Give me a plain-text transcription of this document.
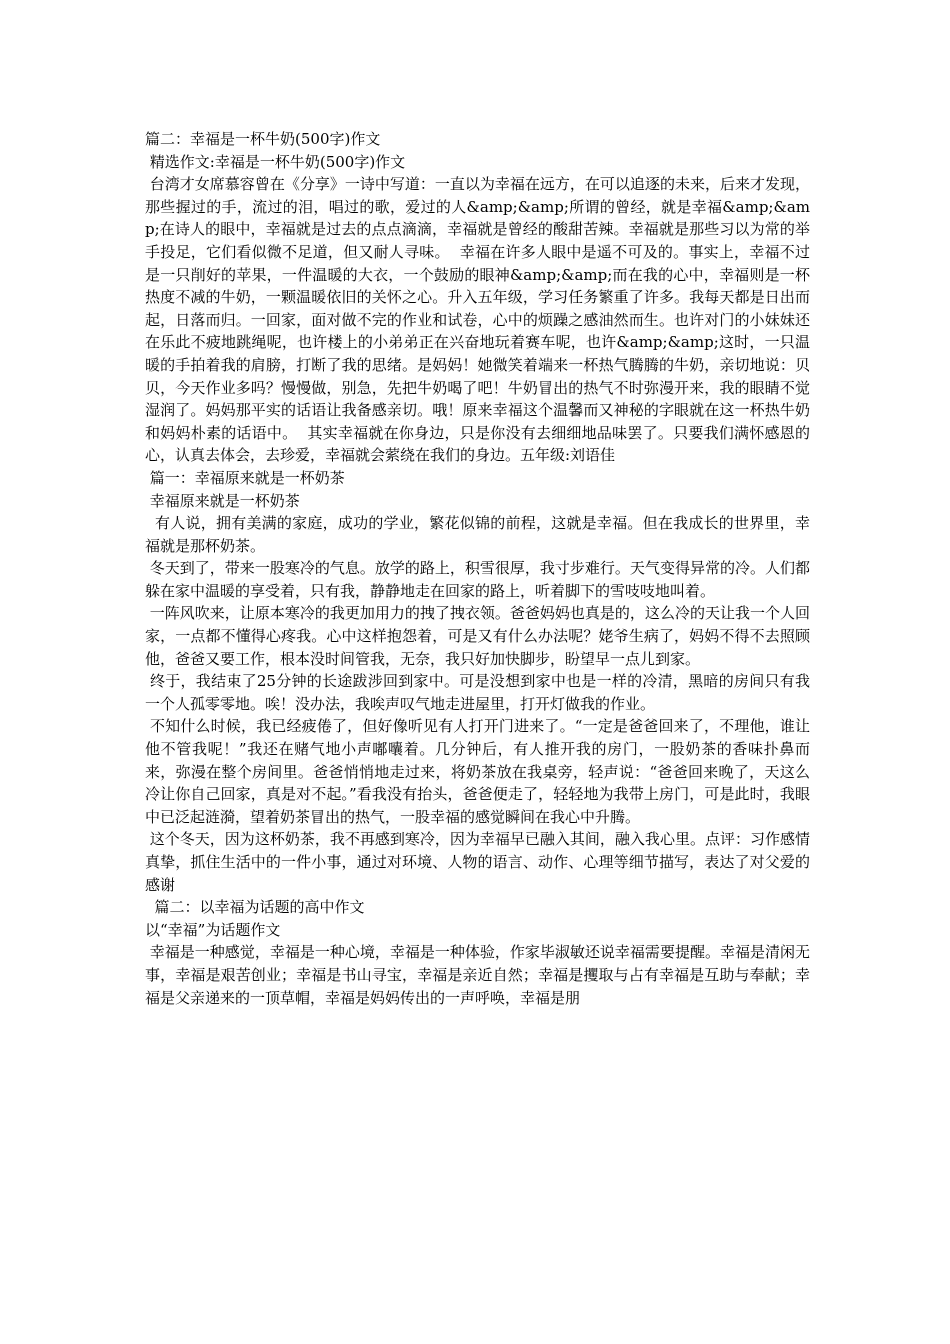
篇二：幸福是一杯牛奶(500字)作文

精选作文:幸福是一杯牛奶(500字)作文

台湾才女席慕容曾在《分享》一诗中写道：一直以为幸福在远方，在可以追逐的未来，后来才发现，那些握过的手，流过的泪，唱过的歌，爱过的人&amp;&amp;所谓的曾经，就是幸福&amp;&amp;在诗人的眼中，幸福就是过去的点点滴滴，幸福就是曾经的酸甜苦辣。幸福就是那些习以为常的举手投足，它们看似微不足道，但又耐人寻味。  幸福在许多人眼中是遥不可及的。事实上，幸福不过是一只削好的苹果，一件温暖的大衣，一个鼓励的眼神&amp;&amp;而在我的心中，幸福则是一杯热度不减的牛奶，一颗温暖依旧的关怀之心。升入五年级，学习任务繁重了许多。我每天都是日出而起，日落而归。一回家，面对做不完的作业和试卷，心中的烦躁之感油然而生。也许对门的小妹妹还在乐此不疲地跳绳呢，也许楼上的小弟弟正在兴奋地玩着赛车呢，也许&amp;&amp;这时，一只温暖的手拍着我的肩膀，打断了我的思绪。是妈妈！她微笑着端来一杯热气腾腾的牛奶，亲切地说：贝贝，今天作业多吗？慢慢做，别急，先把牛奶喝了吧！牛奶冒出的热气不时弥漫开来，我的眼睛不觉湿润了。妈妈那平实的话语让我备感亲切。哦！原来幸福这个温馨而又神秘的字眼就在这一杯热牛奶和妈妈朴素的话语中。  其实幸福就在你身边，只是你没有去细细地品味罢了。只要我们满怀感恩的心，认真去体会，去珍爱，幸福就会萦绕在我们的身边。五年级:刘语佳

篇一：幸福原来就是一杯奶茶

幸福原来就是一杯奶茶

有人说，拥有美满的家庭，成功的学业，繁花似锦的前程，这就是幸福。但在我成长的世界里，幸福就是那杯奶茶。

冬天到了，带来一股寒冷的气息。放学的路上，积雪很厚，我寸步难行。天气变得异常的冷。人们都躲在家中温暖的享受着，只有我，静静地走在回家的路上，听着脚下的雪吱吱地叫着。

一阵风吹来，让原本寒冷的我更加用力的拽了拽衣领。爸爸妈妈也真是的，这么冷的天让我一个人回家，一点都不懂得心疼我。心中这样抱怨着，可是又有什么办法呢？姥爷生病了，妈妈不得不去照顾他，爸爸又要工作，根本没时间管我，无奈，我只好加快脚步，盼望早一点儿到家。

终于，我结束了25分钟的长途跋涉回到家中。可是没想到家中也是一样的冷清，黑暗的房间只有我一个人孤零零地。唉！没办法，我唉声叹气地走进屋里，打开灯做我的作业。

不知什么时候，我已经疲倦了，但好像听见有人打开门进来了。“一定是爸爸回来了，不理他，谁让他不管我呢！”我还在赌气地小声嘟囔着。几分钟后，有人推开我的房门，一股奶茶的香味扑鼻而来，弥漫在整个房间里。爸爸悄悄地走过来，将奶茶放在我桌旁，轻声说：“爸爸回来晚了，天这么冷让你自己回家，真是对不起。”看我没有抬头，爸爸便走了，轻轻地为我带上房门，可是此时，我眼中已泛起涟漪，望着奶茶冒出的热气，一股幸福的感觉瞬间在我心中升腾。

这个冬天，因为这杯奶茶，我不再感到寒冷，因为幸福早已融入其间，融入我心里。点评：习作感情真挚，抓住生活中的一件小事，通过对环境、人物的语言、动作、心理等细节描写，表达了对父爱的感谢

篇二：以幸福为话题的高中作文

以“幸福”为话题作文

幸福是一种感觉，幸福是一种心境，幸福是一种体验，作家毕淑敏还说幸福需要提醒。幸福是清闲无事，幸福是艰苦创业；幸福是书山寻宝，幸福是亲近自然；幸福是攫取与占有幸福是互助与奉献；幸福是父亲递来的一顶草帽，幸福是妈妈传出的一声呼唤，幸福是朋
